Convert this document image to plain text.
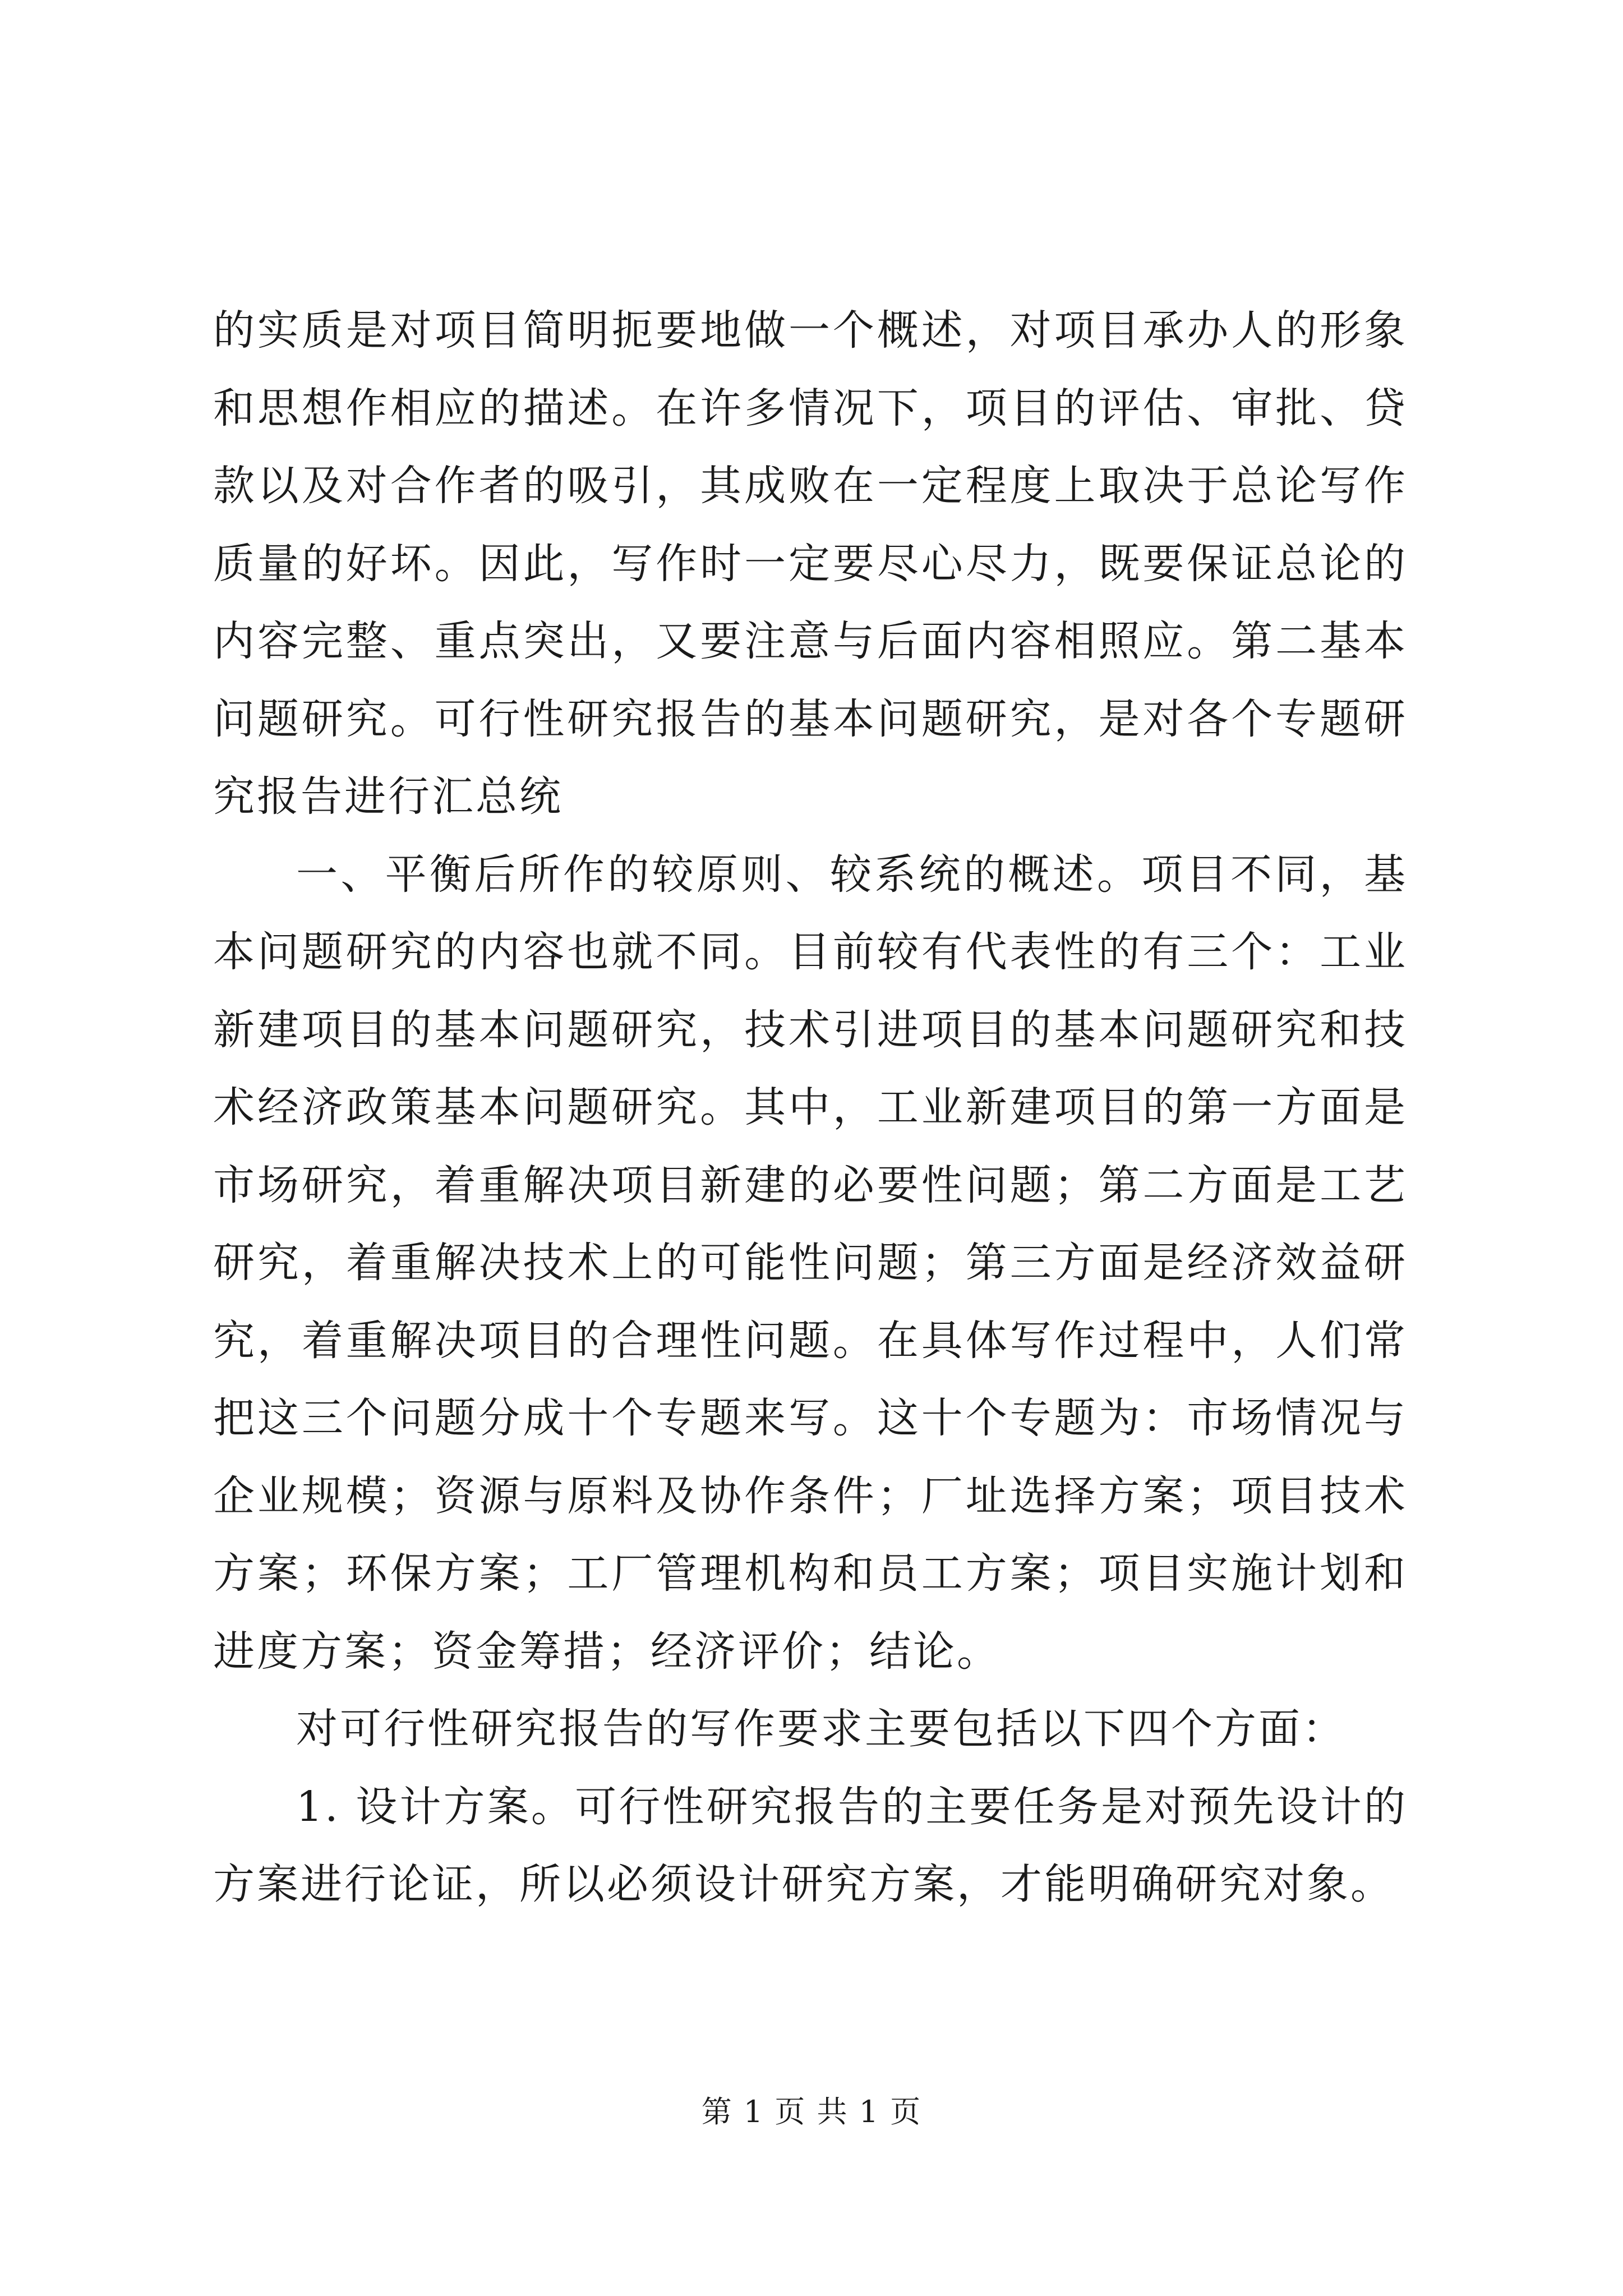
的实质是对项目简明扼要地做一个概述，对项目承办人的形象和思想作相应的描述。在许多情况下，项目的评估、审批、贷款以及对合作者的吸引，其成败在一定程度上取决于总论写作质量的好坏。因此，写作时一定要尽心尽力，既要保证总论的内容完整、重点突出，又要注意与后面内容相照应。第二基本问题研究。可行性研究报告的基本问题研究，是对各个专题研究报告进行汇总统

一、平衡后所作的较原则、较系统的概述。项目不同，基本问题研究的内容也就不同。目前较有代表性的有三个：工业新建项目的基本问题研究，技术引进项目的基本问题研究和技术经济政策基本问题研究。其中，工业新建项目的第一方面是市场研究，着重解决项目新建的必要性问题；第二方面是工艺研究，着重解决技术上的可能性问题；第三方面是经济效益研究，着重解决项目的合理性问题。在具体写作过程中，人们常把这三个问题分成十个专题来写。这十个专题为：市场情况与企业规模；资源与原料及协作条件；厂址选择方案；项目技术方案；环保方案；工厂管理机构和员工方案；项目实施计划和进度方案；资金筹措；经济评价；结论。

对可行性研究报告的写作要求主要包括以下四个方面：

1. 设计方案。可行性研究报告的主要任务是对预先设计的方案进行论证，所以必须设计研究方案，才能明确研究对象。

第 1 页 共 1 页
